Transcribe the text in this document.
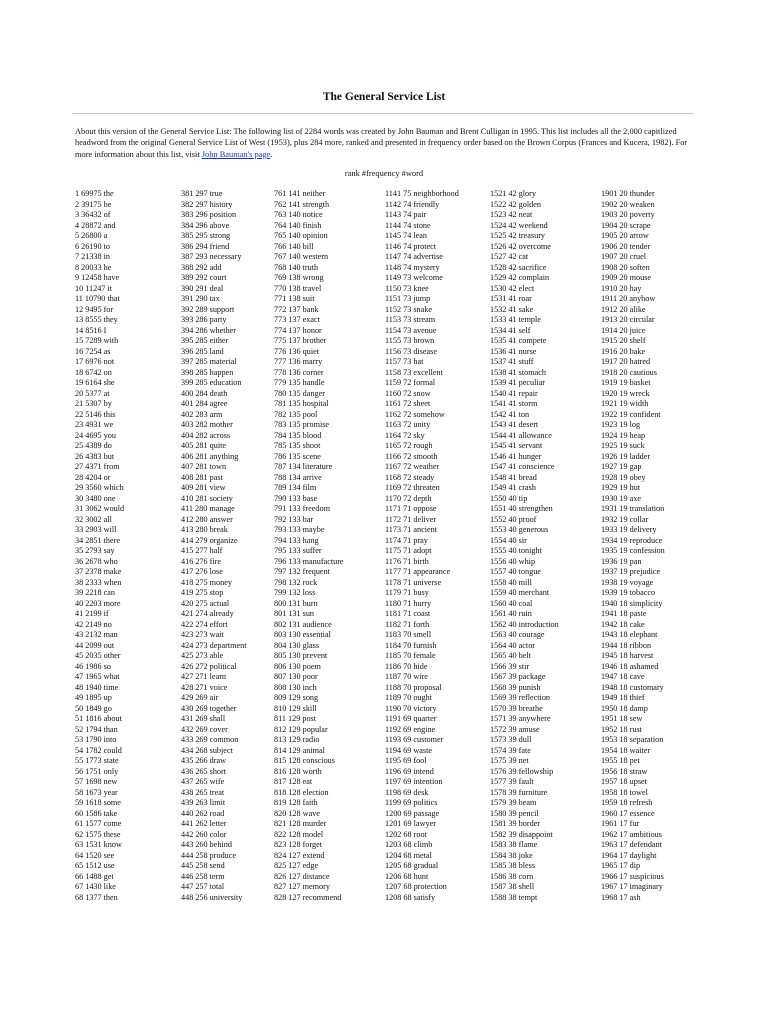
The General Service List

About this version of the General Service List: The following list of 2284 words was created by John Bauman and Brent Culligan in 1995. This list includes all the 2,000 capitlized headword from the original General Service List of West (1953), plus 284 more, ranked and presented in frequency order based on the Brown Corpus (Frances and Kucera, 1982). For more information about this list, visit John Bauman's page.

rank #frequency #word
1 69975 the
2 39175 be
3 36432 of
4 28872 and
5 26800 a
6 26190 to
7 21338 in
8 20033 he
9 12458 have
10 11247 it
11 10790 that
12 9495 for
13 8555 they
14 8516 I
15 7289 with
16 7254 as
17 6976 not
18 6742 on
19 6164 she
20 5377 at
21 5307 by
22 5146 this
23 4931 we
24 4695 you
25 4389 do
26 4383 but
27 4371 from
28 4204 or
29 3560 which
30 3480 one
31 3062 would
32 3002 all
33 2903 will
34 2851 there
35 2793 say
36 2678 who
37 2378 make
38 2333 when
39 2218 can
40 2203 more
41 2199 if
42 2149 no
43 2132 man
44 2099 out
45 2035 other
46 1986 so
47 1965 what
48 1940 time
49 1895 up
50 1849 go
51 1816 about
52 1794 than
53 1790 into
54 1782 could
55 1773 state
56 1751 only
57 1698 new
58 1673 year
59 1618 some
60 1586 take
61 1577 come
62 1575 these
63 1531 know
64 1520 see
65 1512 use
66 1488 get
67 1430 like
68 1377 then
381 297 true
382 297 history
383 296 position
384 296 above
385 295 strong
386 294 friend
387 293 necessary
388 292 add
389 292 court
390 291 deal
391 290 tax
392 289 support
393 286 party
394 286 whether
395 285 either
396 285 land
397 285 material
398 285 happen
399 285 education
400 284 death
401 284 agree
402 283 arm
403 282 mother
404 282 across
405 281 quite
406 281 anything
407 281 town
408 281 past
409 281 view
410 281 society
411 280 manage
412 280 answer
413 280 break
414 279 organize
415 277 half
416 276 fire
417 276 lose
418 275 money
419 275 stop
420 275 actual
421 274 already
422 274 effort
423 273 wait
424 273 department
425 273 able
426 272 political
427 271 learn
428 271 voice
429 269 air
430 269 together
431 269 shall
432 269 cover
433 269 common
434 268 subject
435 266 draw
436 265 short
437 265 wife
438 265 treat
439 263 limit
440 262 road
441 262 letter
442 260 color
443 260 behind
444 258 produce
445 258 send
446 258 term
447 257 total
448 256 university
761 141 neither
762 141 strength
763 140 notice
764 140 finish
765 140 opinion
766 140 bill
767 140 western
768 140 truth
769 138 wrong
770 138 travel
771 138 suit
772 137 bank
773 137 exact
774 137 honor
775 137 brother
776 136 quiet
777 136 marry
778 136 corner
779 135 handle
780 135 danger
781 135 hospital
782 135 pool
783 135 promise
784 135 blood
785 135 shoot
786 135 scene
787 134 literature
788 134 arrive
789 134 film
790 133 base
791 133 freedom
792 133 bar
793 133 maybe
794 133 hang
795 133 suffer
796 133 manufacture
797 132 frequent
798 132 rock
799 132 loss
800 131 burn
801 131 sun
802 131 audience
803 130 essential
804 130 glass
805 130 prevent
806 130 poem
807 130 poor
808 130 inch
809 129 song
810 129 skill
811 129 post
812 129 popular
813 129 radio
814 129 animal
815 128 conscious
816 128 worth
817 128 eat
818 128 election
819 128 faith
820 128 wave
821 128 murder
822 128 model
823 128 forget
824 127 extend
825 127 edge
826 127 distance
827 127 memory
828 127 recommend
1141 75 neighborhood
1142 74 friendly
1143 74 pair
1144 74 stone
1145 74 lean
1146 74 protect
1147 74 advertise
1148 74 mystery
1149 73 welcome
1150 73 knee
1151 73 jump
1152 73 snake
1153 73 stream
1154 73 avenue
1155 73 brown
1156 73 disease
1157 73 hat
1158 73 excellent
1159 72 formal
1160 72 snow
1161 72 sheet
1162 72 somehow
1163 72 unity
1164 72 sky
1165 72 rough
1166 72 smooth
1167 72 weather
1168 72 steady
1169 72 threaten
1170 72 depth
1171 71 oppose
1172 71 deliver
1173 71 ancient
1174 71 pray
1175 71 adopt
1176 71 birth
1177 71 appearance
1178 71 universe
1179 71 busy
1180 71 hurry
1181 71 coast
1182 71 forth
1183 70 smell
1184 70 furnish
1185 70 female
1186 70 hide
1187 70 wire
1188 70 proposal
1189 70 ought
1190 70 victory
1191 69 quarter
1192 69 engine
1193 69 customer
1194 69 waste
1195 69 fool
1196 69 intend
1197 69 intention
1198 69 desk
1199 69 politics
1200 69 passage
1201 69 lawyer
1202 68 root
1203 68 climb
1204 68 metal
1205 68 gradual
1206 68 hunt
1207 68 protection
1208 68 satisfy
1521 42 glory
1522 42 golden
1523 42 neat
1524 42 weekend
1525 42 treasury
1526 42 overcome
1527 42 cat
1528 42 sacrifice
1529 42 complain
1530 42 elect
1531 41 roar
1532 41 sake
1533 41 temple
1534 41 self
1535 41 compete
1536 41 nurse
1537 41 stuff
1538 41 stomach
1539 41 peculiar
1540 41 repair
1541 41 storm
1542 41 ton
1543 41 desert
1544 41 allowance
1545 41 servant
1546 41 hunger
1547 41 conscience
1548 41 bread
1549 41 crash
1550 40 tip
1551 40 strengthen
1552 40 proof
1553 40 generous
1554 40 sir
1555 40 tonight
1556 40 whip
1557 40 tongue
1558 40 mill
1559 40 merchant
1560 40 coal
1561 40 ruin
1562 40 introduction
1563 40 courage
1564 40 actor
1565 40 belt
1566 39 stir
1567 39 package
1568 39 punish
1569 39 reflection
1570 39 breathe
1571 39 anywhere
1572 39 amuse
1573 39 dull
1574 39 fate
1575 39 net
1576 39 fellowship
1577 39 fault
1578 39 furniture
1579 39 beam
1580 39 pencil
1581 39 border
1582 39 disappoint
1583 38 flame
1584 38 joke
1585 38 bless
1586 38 corn
1587 38 shell
1588 38 tempt
1901 20 thunder
1902 20 weaken
1903 20 poverty
1904 20 scrape
1905 20 arrow
1906 20 tender
1907 20 cruel
1908 20 soften
1909 20 mouse
1910 20 hay
1911 20 anyhow
1912 20 alike
1913 20 circular
1914 20 juice
1915 20 shelf
1916 20 bake
1917 20 hatred
1918 20 cautious
1919 19 basket
1920 19 wreck
1921 19 width
1922 19 confident
1923 19 log
1924 19 heap
1925 19 suck
1926 19 ladder
1927 19 gap
1928 19 obey
1929 19 hut
1930 19 axe
1931 19 translation
1932 19 collar
1933 19 delivery
1934 19 reproduce
1935 19 confession
1936 19 pan
1937 19 prejudice
1938 19 voyage
1939 19 tobacco
1940 18 simplicity
1941 18 paste
1942 18 cake
1943 18 elephant
1944 18 ribbon
1945 18 harvest
1946 18 ashamed
1947 18 cave
1948 18 customary
1949 18 thief
1950 18 damp
1951 18 sew
1952 18 rust
1953 18 separation
1954 18 waiter
1955 18 pet
1956 18 straw
1957 18 upset
1958 18 towel
1959 18 refresh
1960 17 essence
1961 17 fur
1962 17 ambitious
1963 17 defendant
1964 17 daylight
1965 17 dip
1966 17 suspicious
1967 17 imaginary
1968 17 ash
